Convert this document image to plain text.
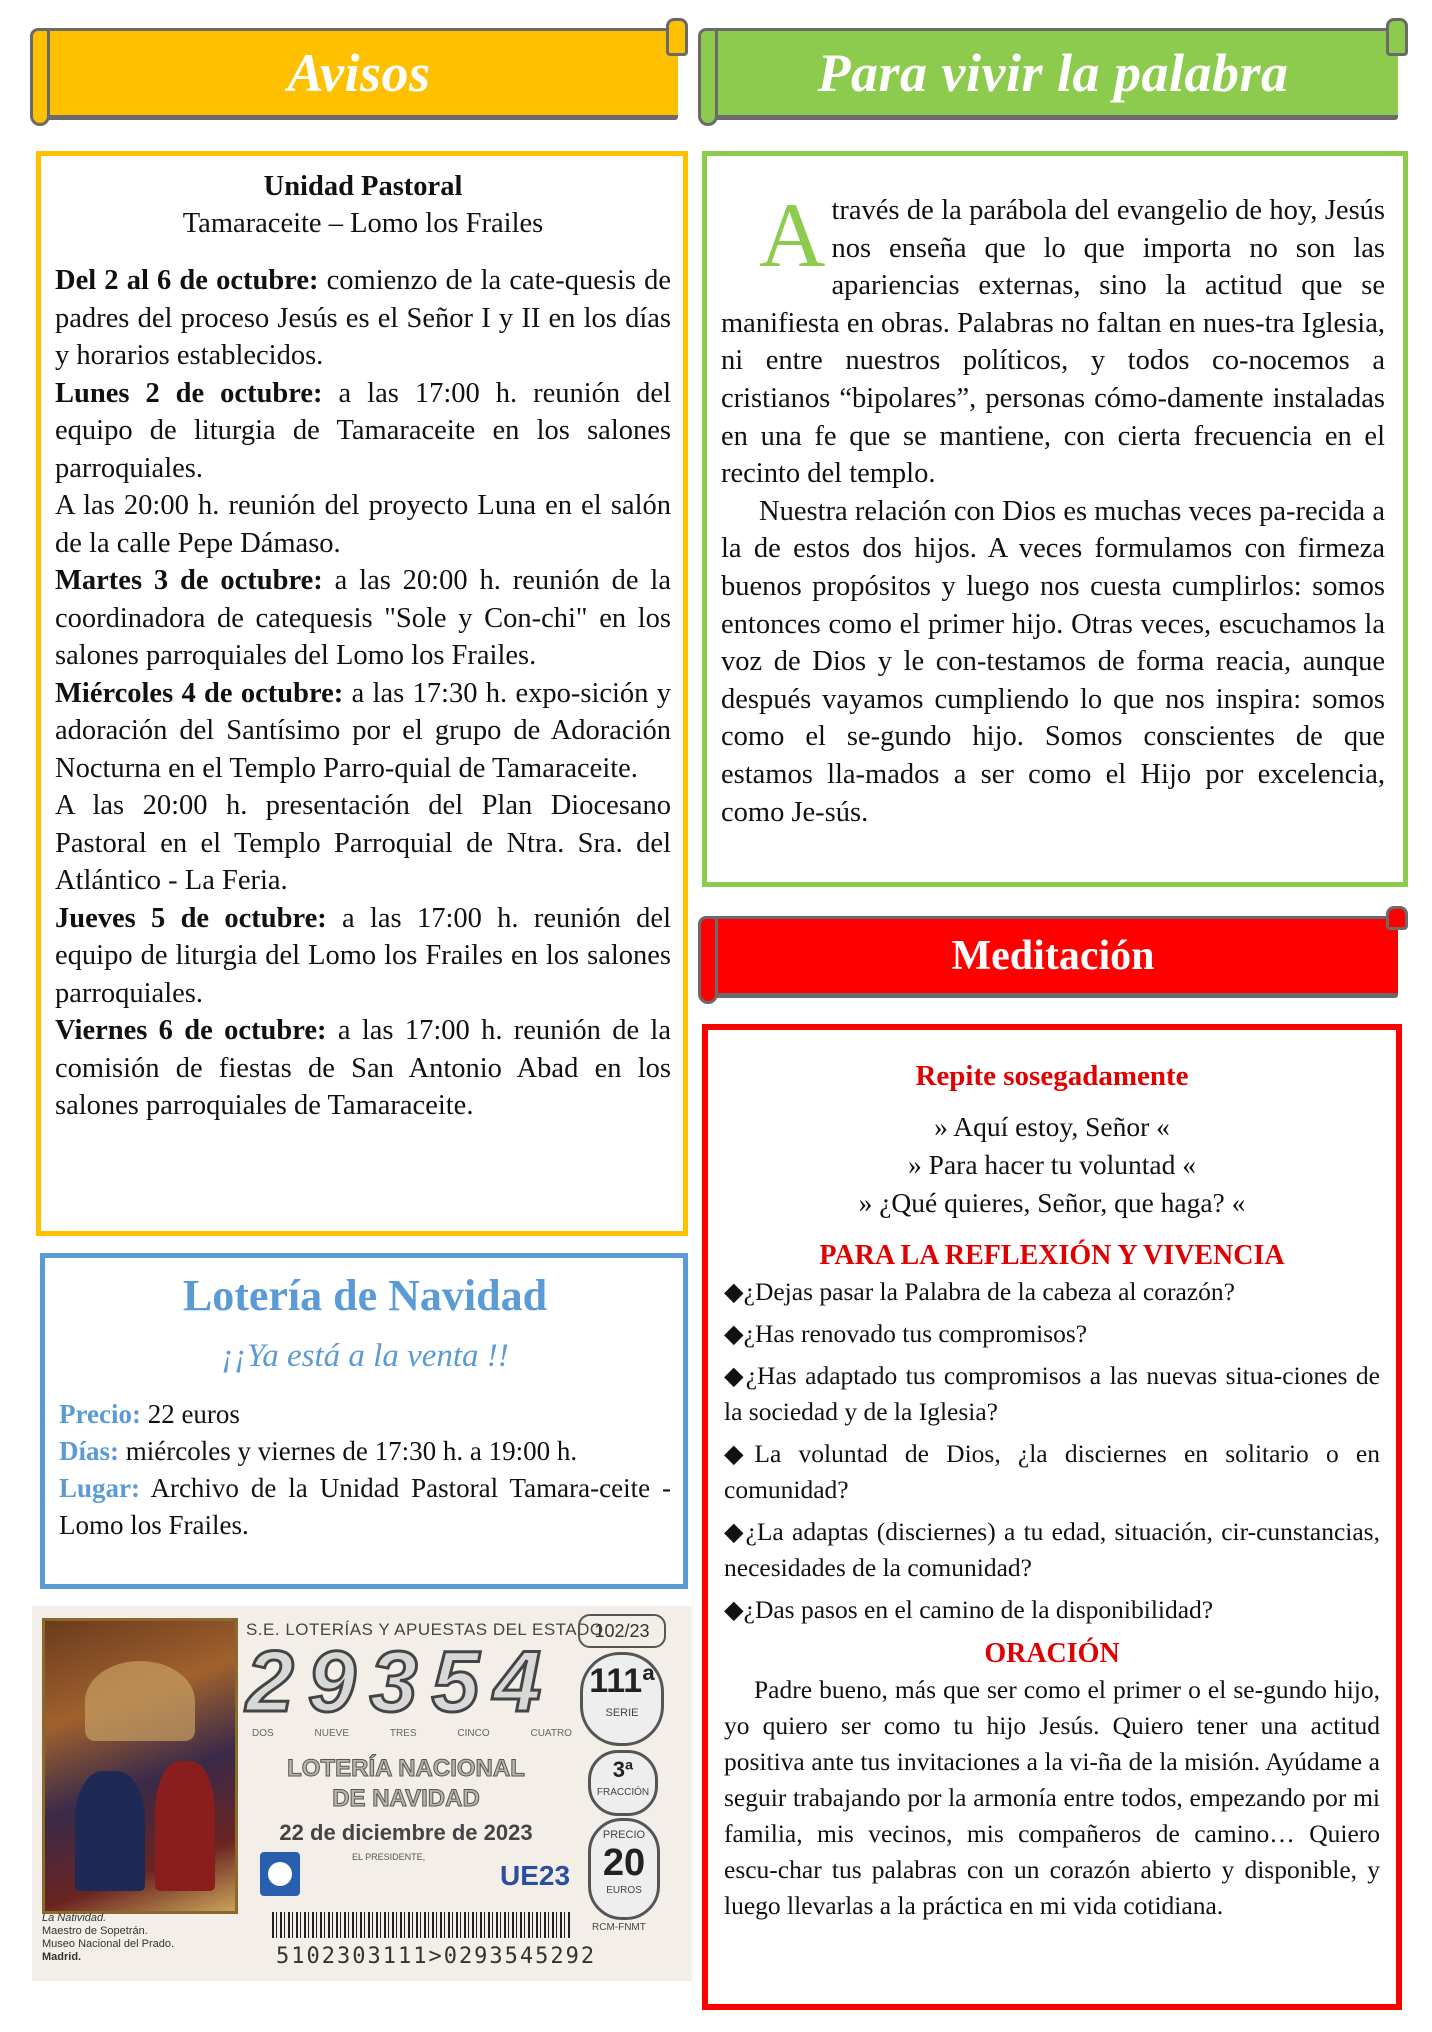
Avisos
Unidad Pastoral
Tamaraceite – Lomo los Frailes

Del 2 al 6 de octubre: comienzo de la cate-quesis de padres del proceso Jesús es el Señor I y II en los días y horarios establecidos.

Lunes 2 de octubre: a las 17:00 h. reunión del equipo de liturgia de Tamaraceite en los salones parroquiales.

A las 20:00 h. reunión del proyecto Luna en el salón de la calle Pepe Dámaso.

Martes 3 de octubre: a las 20:00 h. reunión de la coordinadora de catequesis "Sole y Con-chi" en los salones parroquiales del Lomo los Frailes.

Miércoles 4 de octubre: a las 17:30 h. expo-sición y adoración del Santísimo por el grupo de Adoración Nocturna en el Templo Parro-quial de Tamaraceite.

A las 20:00 h. presentación del Plan Diocesano Pastoral en el Templo Parroquial de Ntra. Sra. del Atlántico - La Feria.

Jueves 5 de octubre: a las 17:00 h. reunión del equipo de liturgia del Lomo los Frailes en los salones parroquiales.

Viernes 6 de octubre: a las 17:00 h. reunión de la comisión de fiestas de San Antonio Abad en los salones parroquiales de Tamaraceite.

Lotería de Navidad
¡¡Ya está a la venta !!

Precio: 22 euros

Días: miércoles y viernes de 17:30 h. a 19:00 h.

Lugar: Archivo de la Unidad Pastoral Tamara-ceite - Lomo los Frailes.

La Natividad.
Maestro de Sopetrán.
Museo Nacional del Prado.
Madrid.
S.E. LOTERÍAS Y APUESTAS DEL ESTADO
102/23
29354
DOS	NUEVE	TRES	CINCO	CUATRO
111ª
SERIE
LOTERÍA NACIONAL
DE NAVIDAD
22 de diciembre de 2023
3ª
FRACCIÓN
EL PRESIDENTE,
UE23
PRECIO
20
EUROS
RCM-FNMT
5102303111>0293545292
Para vivir la palabra

A través de la parábola del evangelio de hoy, Jesús nos enseña que lo que importa no son las apariencias externas, sino la actitud que se manifiesta en obras. Palabras no faltan en nues-tra Iglesia, ni entre nuestros políticos, y todos co-nocemos a cristianos “bipolares”, personas cómo-damente instaladas en una fe que se mantiene, con cierta frecuencia en el recinto del templo.

Nuestra relación con Dios es muchas veces pa-recida a la de estos dos hijos. A veces formulamos con firmeza buenos propósitos y luego nos cuesta cumplirlos: somos entonces como el primer hijo. Otras veces, escuchamos la voz de Dios y le con-testamos de forma reacia, aunque después vayamos cumpliendo lo que nos inspira: somos como el se-gundo hijo. Somos conscientes de que estamos lla-mados a ser como el Hijo por excelencia, como Je-sús.

Meditación
Repite sosegadamente
» Aquí estoy, Señor «
» Para hacer tu voluntad «
» ¿Qué quieres, Señor, que haga? «
PARA LA REFLEXIÓN Y VIVENCIA

◆¿Dejas pasar la Palabra de la cabeza al corazón?

◆¿Has renovado tus compromisos?

◆¿Has adaptado tus compromisos a las nuevas situa-ciones de la sociedad y de la Iglesia?

◆La voluntad de Dios, ¿la disciernes en solitario o en comunidad?

◆¿La adaptas (disciernes) a tu edad, situación, cir-cunstancias, necesidades de la comunidad?

◆¿Das pasos en el camino de la disponibilidad?

ORACIÓN

Padre bueno, más que ser como el primer o el se-gundo hijo, yo quiero ser como tu hijo Jesús. Quiero tener una actitud positiva ante tus invitaciones a la vi-ña de la misión. Ayúdame a seguir trabajando por la armonía entre todos, empezando por mi familia, mis vecinos, mis compañeros de camino… Quiero escu-char tus palabras con un corazón abierto y disponible, y luego llevarlas a la práctica en mi vida cotidiana.
